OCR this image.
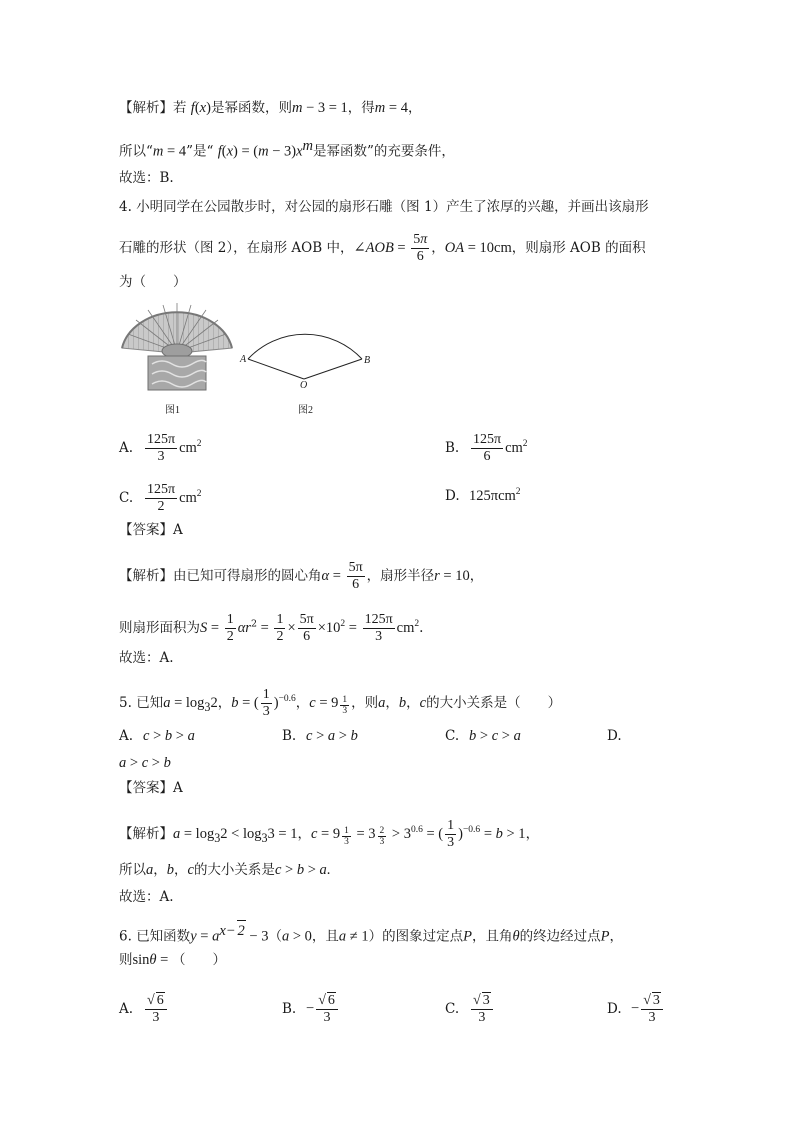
【解析】若 f(x)是幂函数，则m − 3 = 1，得m = 4，
所以“m = 4”是“ $f(x) = (m - 3)x^m$是幂函数”的充要条件，
故选：B.
4. 小明同学在公园散步时，对公园的扇形石雕（图 1）产生了浓厚的兴趣，并画出该扇形
石雕的形状（图 2），在扇形 AOB 中，∠AOB = $\frac{5\pi}{6}$ ，OA = 10cm，则扇形 AOB 的面积
为（　　）
图1
A	B
O
图2
A. $\frac{125\pi}{3} cm^2$	B. $\frac{125\pi}{6} cm^2$
C. $\frac{125\pi}{2} cm^2$	D. 125πcm$^2$
【答案】A
【解析】由已知可得扇形的圆心角$\alpha = \frac{5\pi}{6}$ ，扇形半径r = 10，
则扇形面积为$S = \frac{1}{2} \alpha r^2 = \frac{1}{2} \times \frac{5\pi}{6} \times 10^2 = \frac{125\pi}{3} cm^2$.
故选：A.
5. 已知$a = \log_32$，b = ( $\frac{1}{3} )^{-0.6}$，$c = 9 \frac{1}{3}$ ，则a，b，c的大小关系是（　　）
A. c > b > a	B. c > a > b	C. b > c > a	D.
a > c > b
【答案】A
【解析】$a = \log_32 < \log_33 = 1$，$c = 9 \frac{1}{3} = 3 \frac{2}{3} > 3^{0.6}$ = ( $\frac{1}{3} )^{-0.6} = b > 1$，
所以a，b，c的大小关系是c > b > a.
故选：A.
6. 已知函数$y = a^{x- 2} - 3(a > 0$，且a ≠ 1）的图象过定点P，且角θ的终边经过点P，
则sinθ = （　　）
A. $\frac{√ 6}{3}$	B. − $\frac{√ 6}{3}$	C. $\frac{√ 3}{3}$	D. − $\frac{√ 3}{3}$
